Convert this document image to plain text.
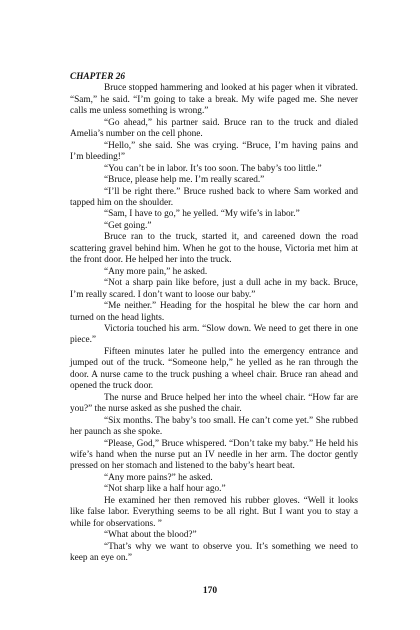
CHAPTER 26

Bruce stopped hammering and looked at his pager when it vibrated. “Sam,” he said. “I’m going to take a break. My wife paged me. She never calls me unless something is wrong.”

“Go ahead,” his partner said. Bruce ran to the truck and dialed Amelia’s number on the cell phone.

“Hello,” she said. She was crying. “Bruce, I’m having pains and I’m bleeding!”

“You can’t be in labor. It’s too soon. The baby’s too little.”

“Bruce, please help me. I’m really scared.”

“I’ll be right there.” Bruce rushed back to where Sam worked and tapped him on the shoulder.

“Sam, I have to go,” he yelled. “My wife’s in labor.”

“Get going.”

Bruce ran to the truck, started it, and careened down the road scattering gravel behind him. When he got to the house, Victoria met him at the front door. He helped her into the truck.

“Any more pain,” he asked.

“Not a sharp pain like before, just a dull ache in my back. Bruce, I’m really scared. I don’t want to loose our baby.”

“Me neither.” Heading for the hospital he blew the car horn and turned on the head lights.

Victoria touched his arm. “Slow down. We need to get there in one piece.”

Fifteen minutes later he pulled into the emergency entrance and jumped out of the truck. “Someone help,” he yelled as he ran through the door. A nurse came to the truck pushing a wheel chair. Bruce ran ahead and opened the truck door.

The nurse and Bruce helped her into the wheel chair. “How far are you?” the nurse asked as she pushed the chair.

“Six months. The baby’s too small. He can’t come yet.” She rubbed her paunch as she spoke.

“Please, God,” Bruce whispered. “Don’t take my baby.” He held his wife’s hand when the nurse put an IV needle in her arm. The doctor gently pressed on her stomach and listened to the baby’s heart beat.

“Any more pains?” he asked.

“Not sharp like a half hour ago.”

He examined her then removed his rubber gloves. “Well it looks like false labor. Everything seems to be all right. But I want you to stay a while for observations. ”

“What about the blood?”

“That’s why we want to observe you. It’s something we need to keep an eye on.”

170
